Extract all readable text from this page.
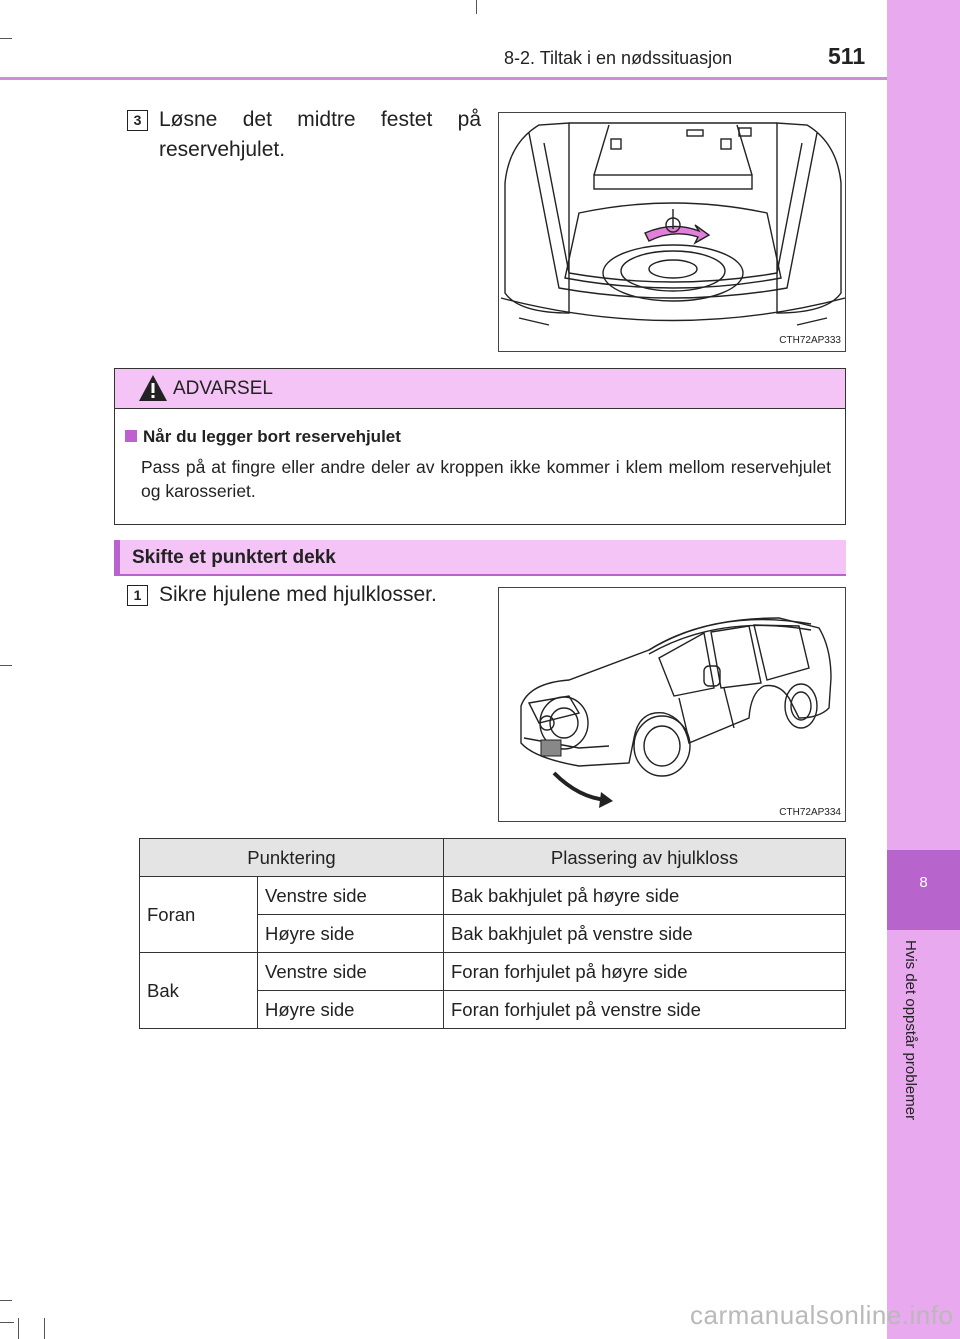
8
Hvis det oppstår problemer
8-2. Tiltak i en nødssituasjon	511
3 Løsne det midtre festet på reservehjulet.
CTH72AP333
ADVARSEL
Når du legger bort reservehjulet
Pass på at fingre eller andre deler av kroppen ikke kommer i klem mellom reservehjulet og karosseriet.
Skifte et punktert dekk
1 Sikre hjulene med hjulklosser.
CTH72AP334
Punktering		Plassering av hjulkloss
Foran	Venstre side	Bak bakhjulet på høyre side
	Høyre side	Bak bakhjulet på venstre side
Bak	Venstre side	Foran forhjulet på høyre side
	Høyre side	Foran forhjulet på venstre side
carmanualsonline.info
